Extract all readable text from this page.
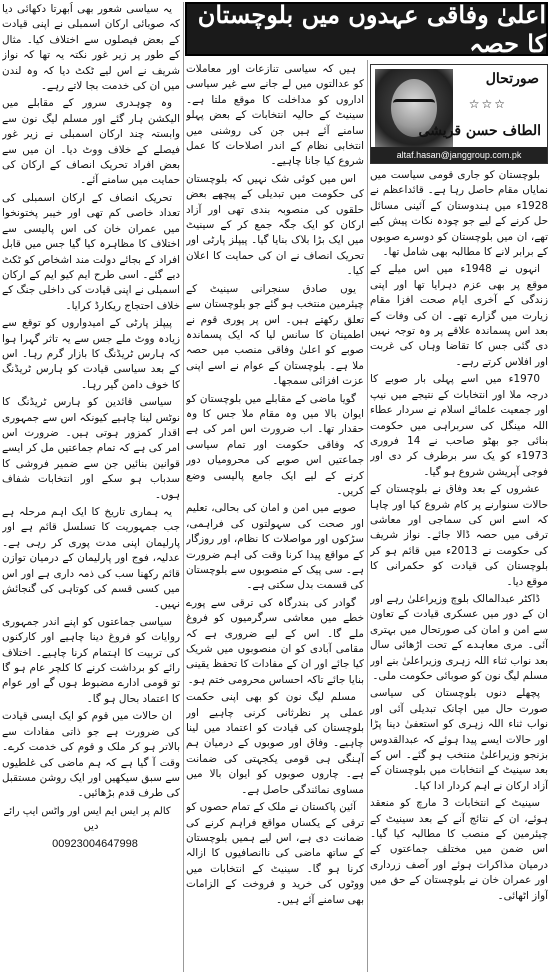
اعلیٰ وفاقی عہدوں میں بلوچستان کا حصہ
صورتحال
☆☆☆
الطاف حسن قریشی
altaf.hasan@janggroup.com.pk

بلوچستان کو جاری قومی سیاست میں نمایاں مقام حاصل رہا ہے۔ قائداعظم نے 1928ء میں ہندوستان کے آئینی مسائل حل کرنے کے لیے جو چودہ نکات پیش کیے تھے، ان میں بلوچستان کو دوسرے صوبوں کے برابر لانے کا مطالبہ بھی شامل تھا۔

انہوں نے 1948ء میں اس میلے کے موقع پر بھی عزم دہرایا تھا اور اپنی زندگی کے آخری ایام صحت افزا مقام زیارت میں گزارے تھے۔ ان کی وفات کے بعد اس پسماندہ علاقے پر وہ توجہ نہیں دی گئی جس کا تقاضا وہاں کی غربت اور افلاس کرتے رہے۔

1970ء میں اسے پہلی بار صوبے کا درجہ ملا اور انتخابات کے نتیجے میں نیپ اور جمعیت علمائے اسلام نے سردار عطاء اللہ مینگل کی سربراہی میں حکومت بنائی جو بھٹو صاحب نے 14 فروری 1973ء کو یک سر برطرف کر دی اور فوجی آپریشن شروع ہو گیا۔

عشروں کے بعد وفاق نے بلوچستان کے حالات سنوارنے پر کام شروع کیا اور چاہا کہ اسے اس کی سماجی اور معاشی ترقی میں حصہ ڈالا جائے۔ نواز شریف کی حکومت نے 2013ء میں قائم ہو کر بلوچستان کی قیادت کو حکمرانی کا موقع دیا۔

ڈاکٹر عبدالمالک بلوچ وزیراعلیٰ رہے اور ان کے دور میں عسکری قیادت کے تعاون سے امن و امان کی صورتحال میں بہتری آئی۔ مری معاہدے کے تحت اڑھائی سال بعد نواب ثناء اللہ زہری وزیراعلیٰ بنے اور مسلم لیگ نون کو صوبائی حکومت ملی۔

پچھلے دنوں بلوچستان کی سیاسی صورت حال میں اچانک تبدیلی آئی اور نواب ثناء اللہ زہری کو استعفیٰ دینا پڑا اور حالات ایسے پیدا ہوئے کہ عبدالقدوس بزنجو وزیراعلیٰ منتخب ہو گئے۔ اس کے بعد سینیٹ کے انتخابات میں بلوچستان کے آزاد ارکان نے اہم کردار ادا کیا۔

سینیٹ کے انتخابات 3 مارچ کو منعقد ہوئے، ان کے نتائج آنے کے بعد سینیٹ کے چیئرمین کے منصب کا مطالبہ کیا گیا۔ اس ضمن میں مختلف جماعتوں کے درمیان مذاکرات ہوئے اور آصف زرداری اور عمران خان نے بلوچستان کے حق میں آواز اٹھائی۔

ہیں کہ سیاسی تنازعات اور معاملات کو عدالتوں میں لے جانے سے غیر سیاسی اداروں کو مداخلت کا موقع ملتا ہے۔ سینیٹ کے حالیہ انتخابات کے بعض پہلو سامنے آئے ہیں جن کی روشنی میں انتخابی نظام کے اندر اصلاحات کا عمل شروع کیا جانا چاہیے۔

اس میں کوئی شک نہیں کہ بلوچستان کی حکومت میں تبدیلی کے پیچھے بعض حلقوں کی منصوبہ بندی تھی اور آزاد ارکان کو ایک جگہ جمع کر کے سینیٹ میں ایک بڑا بلاک بنایا گیا۔ پیپلز پارٹی اور تحریک انصاف نے ان کی حمایت کا اعلان کیا۔

یوں صادق سنجرانی سینیٹ کے چیئرمین منتخب ہو گئے جو بلوچستان سے تعلق رکھتے ہیں۔ اس پر پوری قوم نے اطمینان کا سانس لیا کہ ایک پسماندہ صوبے کو اعلیٰ وفاقی منصب میں حصہ ملا ہے۔ بلوچستان کے عوام نے اسے اپنی عزت افزائی سمجھا۔

گویا ماضی کے مقابلے میں بلوچستان کو ایوان بالا میں وہ مقام ملا جس کا وہ حقدار تھا۔ اب ضرورت اس امر کی ہے کہ وفاقی حکومت اور تمام سیاسی جماعتیں اس صوبے کی محرومیاں دور کرنے کے لیے ایک جامع پالیسی وضع کریں۔

صوبے میں امن و امان کی بحالی، تعلیم اور صحت کی سہولتوں کی فراہمی، سڑکوں اور مواصلات کا نظام، اور روزگار کے مواقع پیدا کرنا وقت کی اہم ضرورت ہے۔ سی پیک کے منصوبوں سے بلوچستان کی قسمت بدل سکتی ہے۔

گوادر کی بندرگاہ کی ترقی سے پورے خطے میں معاشی سرگرمیوں کو فروغ ملے گا۔ اس کے لیے ضروری ہے کہ مقامی آبادی کو ان منصوبوں میں شریک کیا جائے اور ان کے مفادات کا تحفظ یقینی بنایا جائے تاکہ احساس محرومی ختم ہو۔

مسلم لیگ نون کو بھی اپنی حکمت عملی پر نظرثانی کرنی چاہیے اور بلوچستان کی قیادت کو اعتماد میں لینا چاہیے۔ وفاق اور صوبوں کے درمیان ہم آہنگی ہی قومی یکجہتی کی ضمانت ہے۔ چاروں صوبوں کو ایوان بالا میں مساوی نمائندگی حاصل ہے۔

آئین پاکستان نے ملک کے تمام حصوں کو ترقی کے یکساں مواقع فراہم کرنے کی ضمانت دی ہے، اس لیے ہمیں بلوچستان کے ساتھ ماضی کی ناانصافیوں کا ازالہ کرنا ہو گا۔ سینیٹ کے انتخابات میں ووٹوں کی خرید و فروخت کے الزامات بھی سامنے آئے ہیں۔

یہ سیاسی شعور بھی اُبھرتا دکھائی دیا کہ صوبائی ارکان اسمبلی نے اپنی قیادت کے بعض فیصلوں سے اختلاف کیا۔ مثال کے طور پر زیر غور نکتہ یہ تھا کہ نواز شریف نے اس لیے ٹکٹ دیا کہ وہ لندن میں ان کی خدمت بجا لاتے رہے۔

وہ چوہدری سرور کے مقابلے میں الیکشن ہار گئے اور مسلم لیگ نون سے وابستہ چند ارکان اسمبلی نے زیر غور فیصلے کے خلاف ووٹ دیا۔ ان میں سے بعض افراد تحریک انصاف کے ارکان کی حمایت میں سامنے آئے۔

تحریک انصاف کے ارکان اسمبلی کی تعداد خاصی کم تھی اور خیبر پختونخوا میں عمران خان کی اس پالیسی سے اختلاف کا مظاہرہ کیا گیا جس میں قابل افراد کے بجائے دولت مند اشخاص کو ٹکٹ دیے گئے۔ اسی طرح ایم کیو ایم کے ارکان اسمبلی نے اپنی قیادت کی داخلی جنگ کے خلاف احتجاج ریکارڈ کرایا۔

پیپلز پارٹی کے امیدواروں کو توقع سے زیادہ ووٹ ملے جس سے یہ تاثر گہرا ہوا کہ ہارس ٹریڈنگ کا بازار گرم رہا۔ اس کے بعد سیاسی قیادت کو ہارس ٹریڈنگ کا خوف دامن گیر رہا۔

سیاسی قائدین کو ہارس ٹریڈنگ کا نوٹس لینا چاہیے کیونکہ اس سے جمہوری اقدار کمزور ہوتی ہیں۔ ضرورت اس امر کی ہے کہ تمام جماعتیں مل کر ایسے قوانین بنائیں جن سے ضمیر فروشی کا سدباب ہو سکے اور انتخابات شفاف ہوں۔

یہ ہماری تاریخ کا ایک اہم مرحلہ ہے جب جمہوریت کا تسلسل قائم ہے اور پارلیمان اپنی مدت پوری کر رہی ہے۔ عدلیہ، فوج اور پارلیمان کے درمیان توازن قائم رکھنا سب کی ذمہ داری ہے اور اس میں کسی قسم کی کوتاہی کی گنجائش نہیں۔

سیاسی جماعتوں کو اپنے اندر جمہوری روایات کو فروغ دینا چاہیے اور کارکنوں کی تربیت کا اہتمام کرنا چاہیے۔ اختلاف رائے کو برداشت کرنے کا کلچر عام ہو گا تو قومی ادارے مضبوط ہوں گے اور عوام کا اعتماد بحال ہو گا۔

ان حالات میں قوم کو ایک ایسی قیادت کی ضرورت ہے جو ذاتی مفادات سے بالاتر ہو کر ملک و قوم کی خدمت کرے۔ وقت آ گیا ہے کہ ہم ماضی کی غلطیوں سے سبق سیکھیں اور ایک روشن مستقبل کی طرف قدم بڑھائیں۔

کالم پر ایس ایم ایس اور واٹس ایپ رائے دیں

00923004647998
